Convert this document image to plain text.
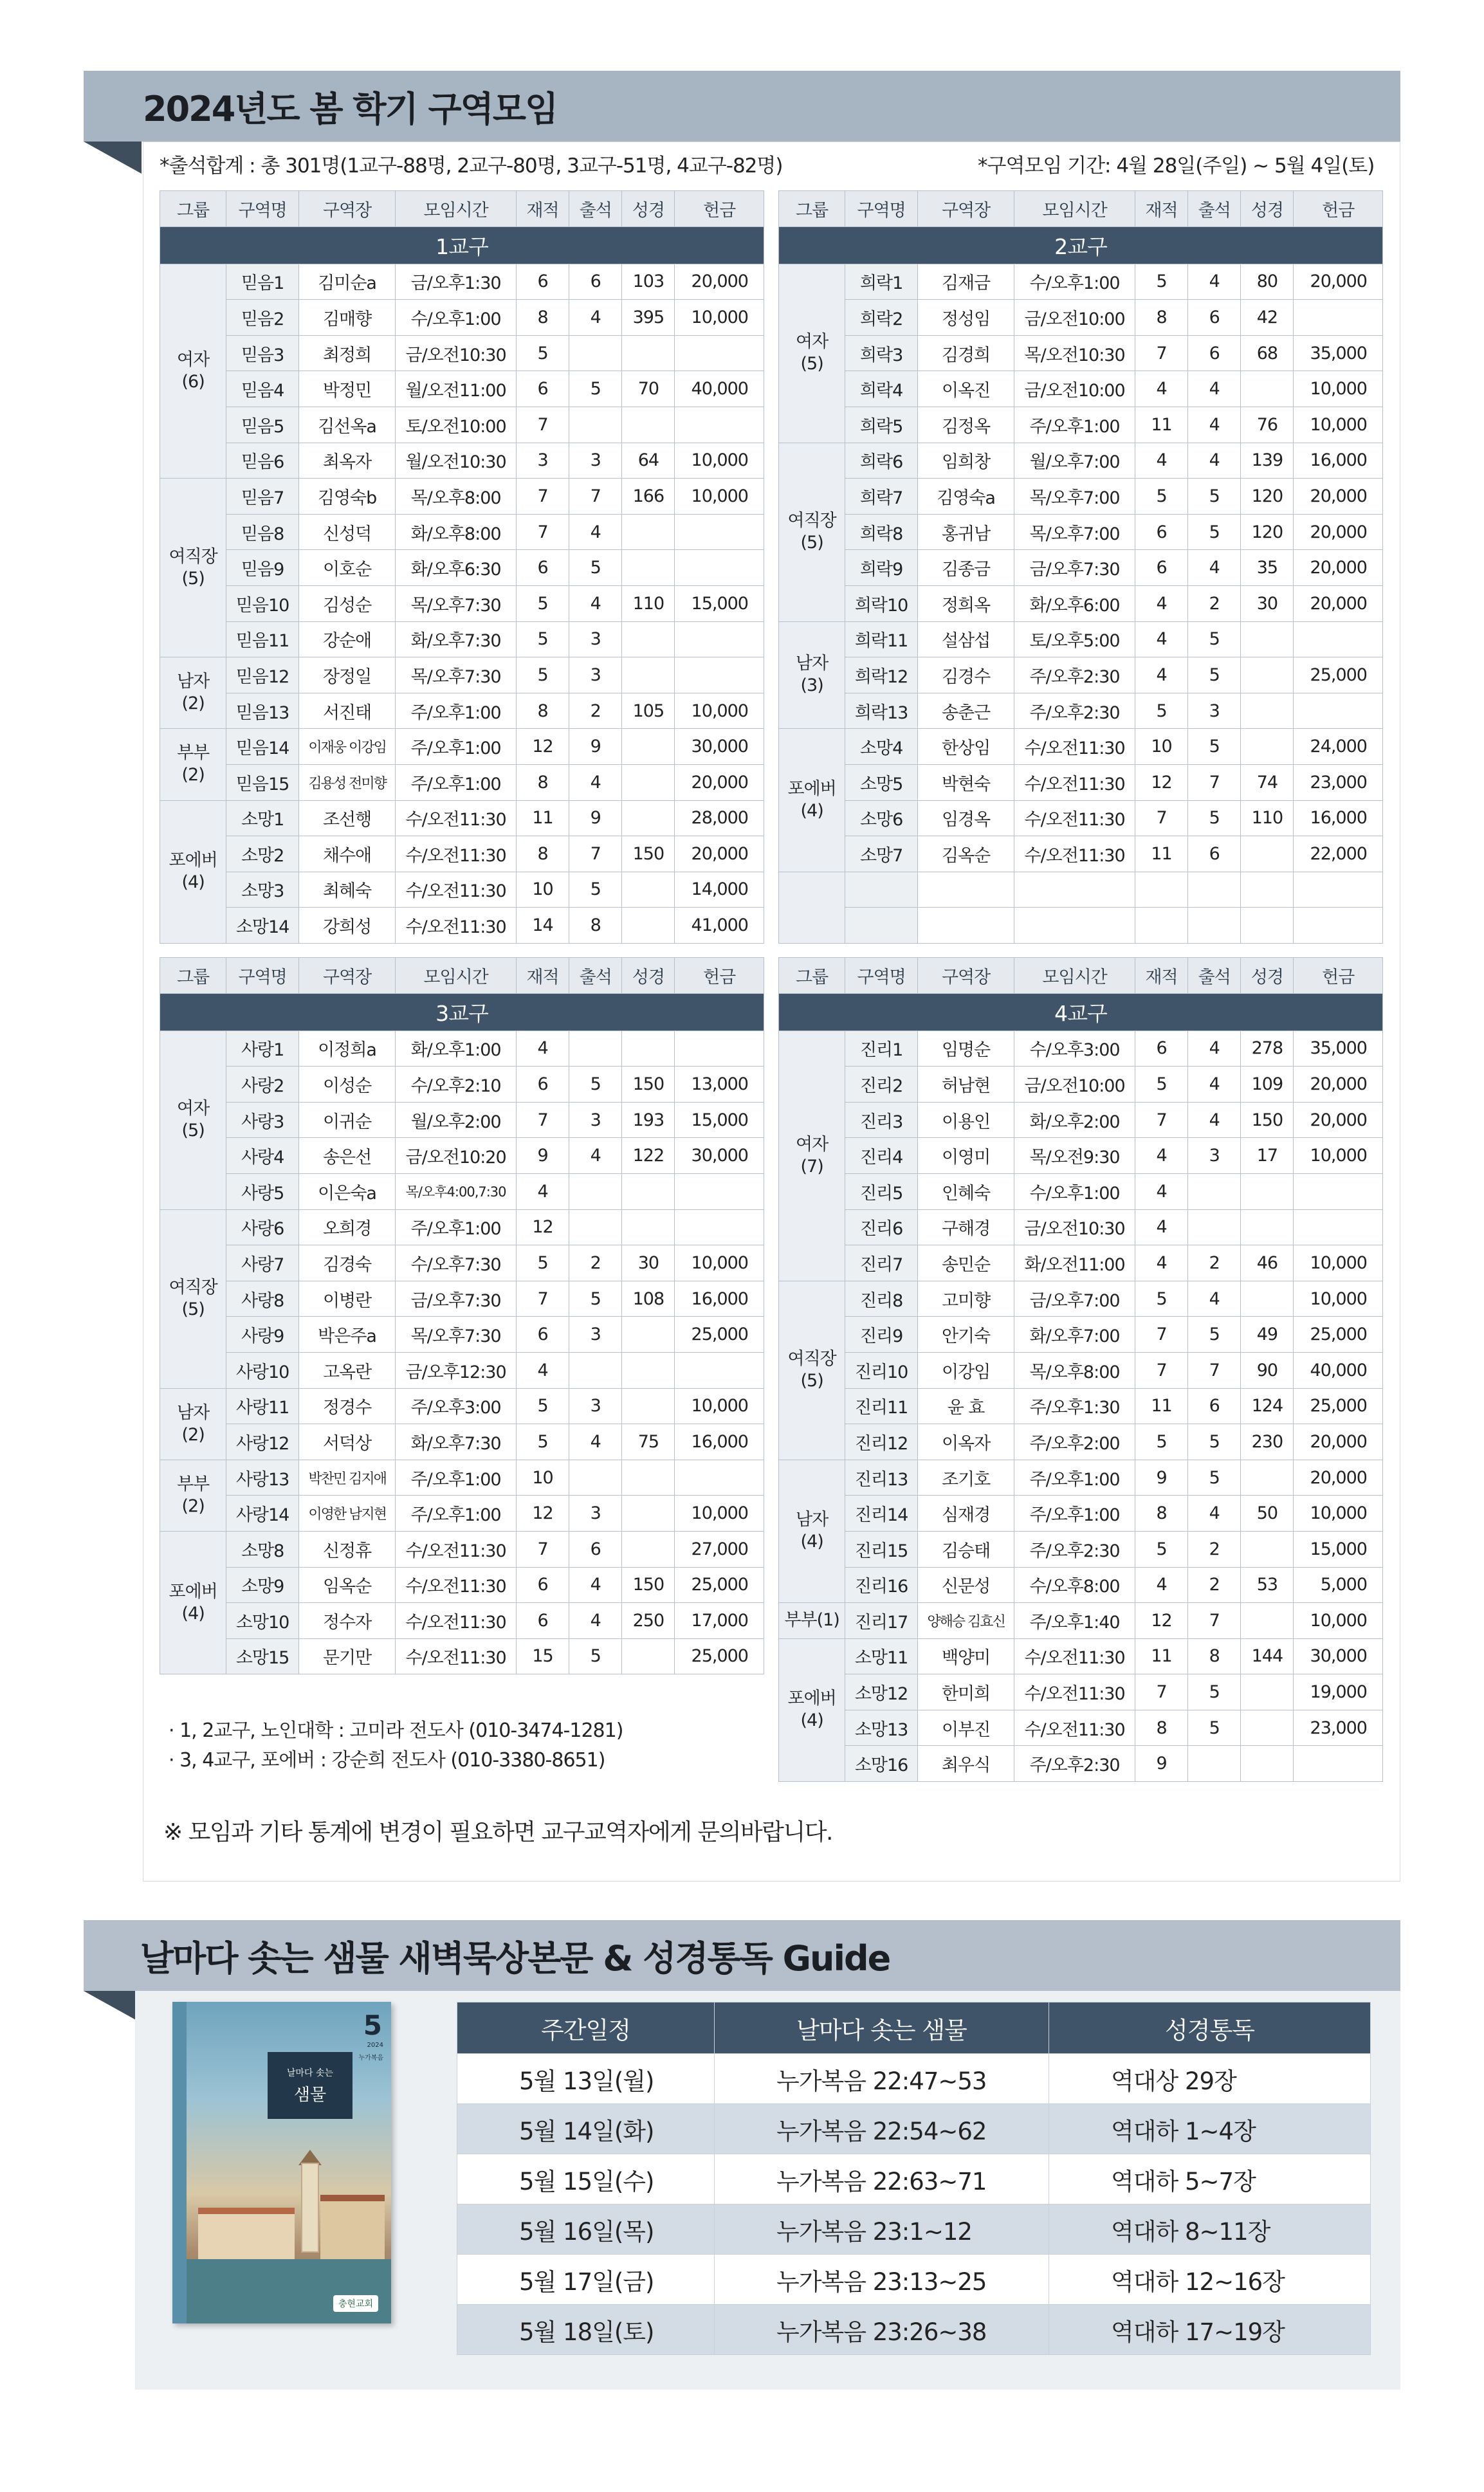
2024년도 봄 학기 구역모임
*출석합계 : 총 301명(1교구-88명, 2교구-80명, 3교구-51명, 4교구-82명)	*구역모임 기간: 4월 28일(주일) ~ 5월 4일(토)
그룹	구역명	구역장	모임시간	재적	출석	성경	헌금
1교구							
여자
(6)	믿음1	김미순a	금/오후1:30	6	6	103	20,000
	믿음2	김매향	수/오후1:00	8	4	395	10,000
	믿음3	최정희	금/오전10:30	5			
	믿음4	박정민	월/오전11:00	6	5	70	40,000
	믿음5	김선옥a	토/오전10:00	7			
	믿음6	최옥자	월/오전10:30	3	3	64	10,000
여직장
(5)	믿음7	김영숙b	목/오후8:00	7	7	166	10,000
	믿음8	신성덕	화/오후8:00	7	4		
	믿음9	이호순	화/오후6:30	6	5		
	믿음10	김성순	목/오후7:30	5	4	110	15,000
	믿음11	강순애	화/오후7:30	5	3		
남자
(2)	믿음12	장정일	목/오후7:30	5	3		
	믿음13	서진태	주/오후1:00	8	2	105	10,000
부부
(2)	믿음14	이재웅 이강임	주/오후1:00	12	9		30,000
	믿음15	김용성 전미향	주/오후1:00	8	4		20,000
포에버
(4)	소망1	조선행	수/오전11:30	11	9		28,000
	소망2	채수애	수/오전11:30	8	7	150	20,000
	소망3	최혜숙	수/오전11:30	10	5		14,000
	소망14	강희성	수/오전11:30	14	8		41,000
그룹	구역명	구역장	모임시간	재적	출석	성경	헌금
2교구							
여자
(5)	희락1	김재금	수/오후1:00	5	4	80	20,000
	희락2	정성임	금/오전10:00	8	6	42	
	희락3	김경희	목/오전10:30	7	6	68	35,000
	희락4	이옥진	금/오전10:00	4	4		10,000
	희락5	김정옥	주/오후1:00	11	4	76	10,000
여직장
(5)	희락6	임희창	월/오후7:00	4	4	139	16,000
	희락7	김영숙a	목/오후7:00	5	5	120	20,000
	희락8	홍귀남	목/오후7:00	6	5	120	20,000
	희락9	김종금	금/오후7:30	6	4	35	20,000
	희락10	정희옥	화/오후6:00	4	2	30	20,000
남자
(3)	희락11	설삼섭	토/오후5:00	4	5		
	희락12	김경수	주/오후2:30	4	5		25,000
	희락13	송춘근	주/오후2:30	5	3		
포에버
(4)	소망4	한상임	수/오전11:30	10	5		24,000
	소망5	박현숙	수/오전11:30	12	7	74	23,000
	소망6	임경옥	수/오전11:30	7	5	110	16,000
	소망7	김옥순	수/오전11:30	11	6		22,000

그룹	구역명	구역장	모임시간	재적	출석	성경	헌금
3교구							
여자
(5)	사랑1	이정희a	화/오후1:00	4			
	사랑2	이성순	수/오후2:10	6	5	150	13,000
	사랑3	이귀순	월/오후2:00	7	3	193	15,000
	사랑4	송은선	금/오전10:20	9	4	122	30,000
	사랑5	이은숙a	목/오후4:00,7:30	4			
여직장
(5)	사랑6	오희경	주/오후1:00	12			
	사랑7	김경숙	수/오후7:30	5	2	30	10,000
	사랑8	이병란	금/오후7:30	7	5	108	16,000
	사랑9	박은주a	목/오후7:30	6	3		25,000
	사랑10	고옥란	금/오후12:30	4			
남자
(2)	사랑11	정경수	주/오후3:00	5	3		10,000
	사랑12	서덕상	화/오후7:30	5	4	75	16,000
부부
(2)	사랑13	박찬민 김지애	주/오후1:00	10			
	사랑14	이영한 남지현	주/오후1:00	12	3		10,000
포에버
(4)	소망8	신정휴	수/오전11:30	7	6		27,000
	소망9	임옥순	수/오전11:30	6	4	150	25,000
	소망10	정수자	수/오전11:30	6	4	250	17,000
	소망15	문기만	수/오전11:30	15	5		25,000
그룹	구역명	구역장	모임시간	재적	출석	성경	헌금
4교구							
여자
(7)	진리1	임명순	수/오후3:00	6	4	278	35,000
	진리2	허남현	금/오전10:00	5	4	109	20,000
	진리3	이용인	화/오후2:00	7	4	150	20,000
	진리4	이영미	목/오전9:30	4	3	17	10,000
	진리5	인혜숙	수/오후1:00	4			
	진리6	구해경	금/오전10:30	4			
	진리7	송민순	화/오전11:00	4	2	46	10,000
여직장
(5)	진리8	고미향	금/오후7:00	5	4		10,000
	진리9	안기숙	화/오후7:00	7	5	49	25,000
	진리10	이강임	목/오후8:00	7	7	90	40,000
	진리11	윤 효	주/오후1:30	11	6	124	25,000
	진리12	이옥자	주/오후2:00	5	5	230	20,000
남자
(4)	진리13	조기호	주/오후1:00	9	5		20,000
	진리14	심재경	주/오후1:00	8	4	50	10,000
	진리15	김승태	주/오후2:30	5	2		15,000
	진리16	신문성	수/오후8:00	4	2	53	5,000
부부(1)	진리17	양해승 김효신	주/오후1:40	12	7		10,000
포에버
(4)	소망11	백양미	수/오전11:30	11	8	144	30,000
	소망12	한미희	수/오전11:30	7	5		19,000
	소망13	이부진	수/오전11:30	8	5		23,000
	소망16	최우식	주/오후2:30	9			
· 1, 2교구, 노인대학 : 고미라 전도사 (010-3474-1281)
· 3, 4교구, 포에버 : 강순희 전도사 (010-3380-8651)
※ 모임과 기타 통계에 변경이 필요하면 교구교역자에게 문의바랍니다.
날마다 솟는 샘물 새벽묵상본문 & 성경통독 Guide
5
2024
누가복음
날마다 솟는
샘물
충현교회
주간일정	날마다 솟는 샘물	성경통독
5월 13일(월)	누가복음 22:47~53	역대상 29장
5월 14일(화)	누가복음 22:54~62	역대하 1~4장
5월 15일(수)	누가복음 22:63~71	역대하 5~7장
5월 16일(목)	누가복음 23:1~12	역대하 8~11장
5월 17일(금)	누가복음 23:13~25	역대하 12~16장
5월 18일(토)	누가복음 23:26~38	역대하 17~19장
